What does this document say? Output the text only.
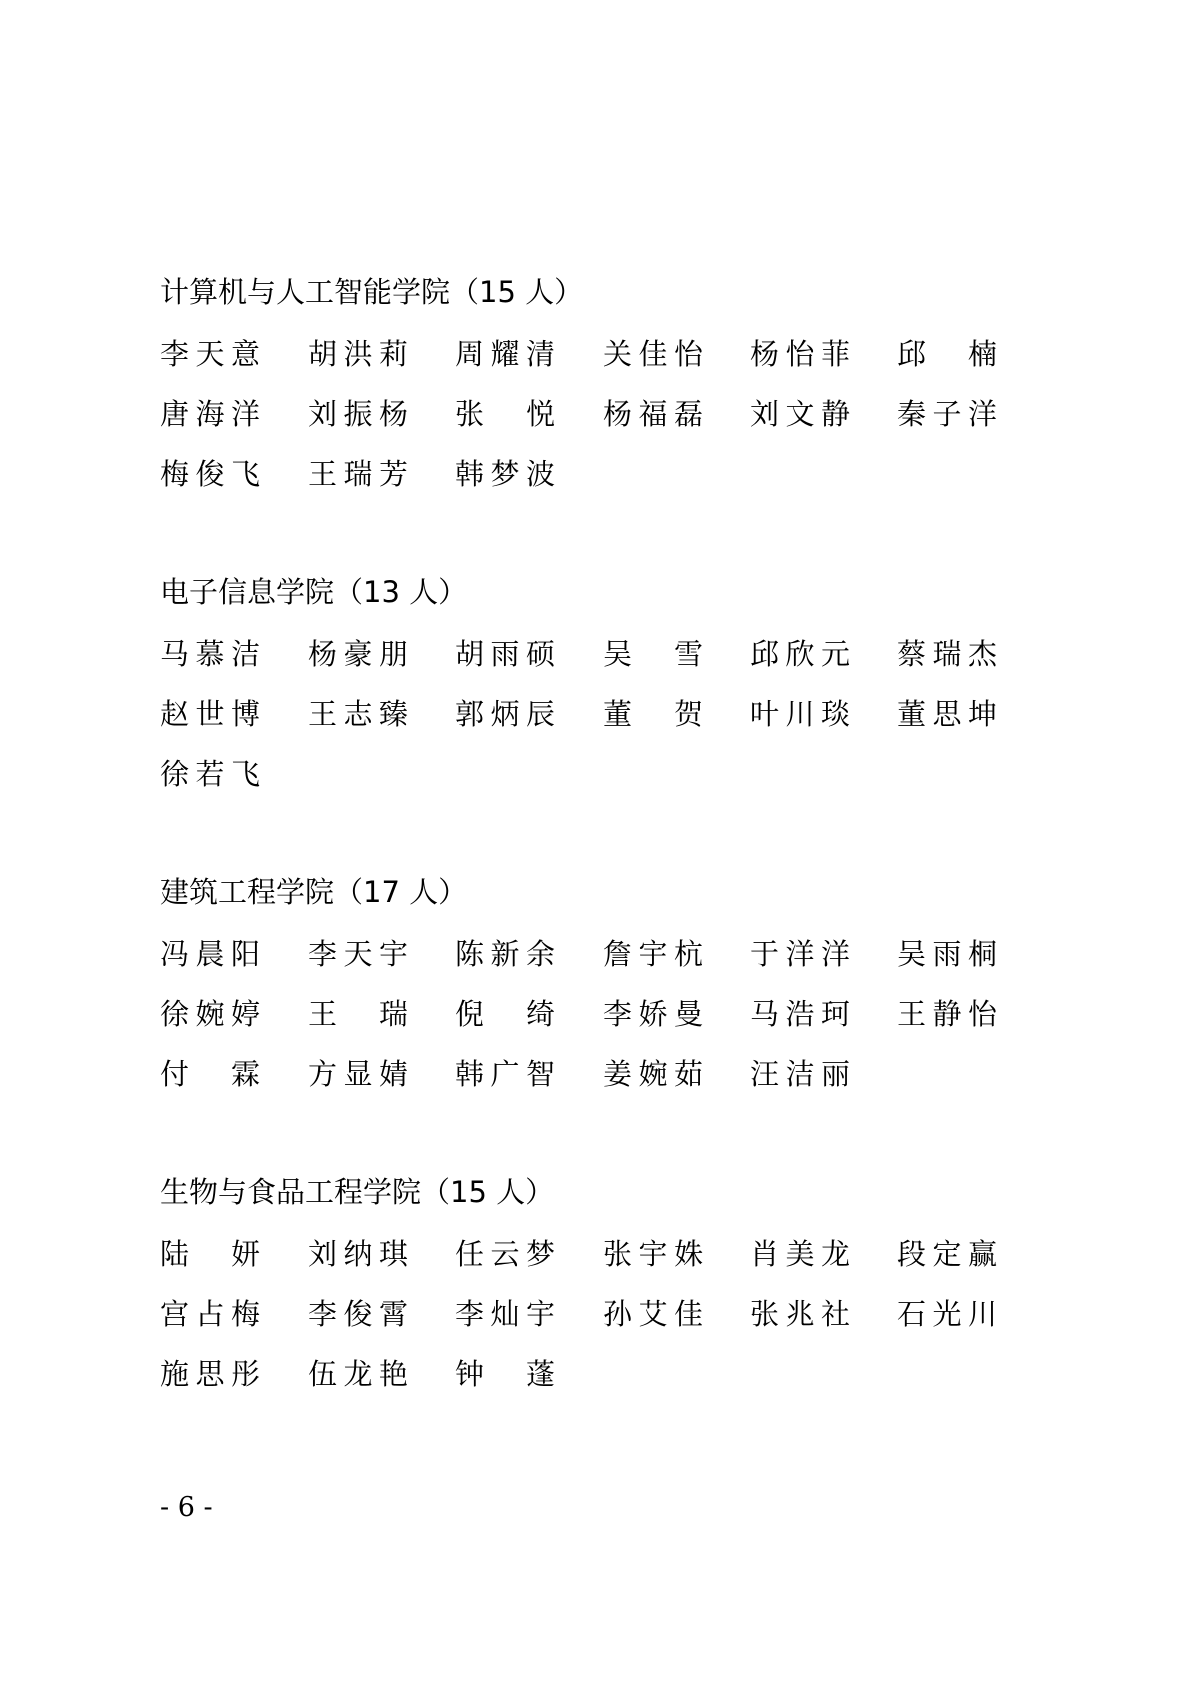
计算机与人工智能学院（15 人）
李天意 胡洪莉 周耀清 关佳怡 杨怡菲 邱 楠
唐海洋 刘振杨 张 悦 杨福磊 刘文静 秦子洋
梅俊飞 王瑞芳 韩梦波
电子信息学院（13 人）
马慕洁 杨豪朋 胡雨硕 吴 雪 邱欣元 蔡瑞杰
赵世博 王志臻 郭炳辰 董 贺 叶川琰 董思坤
徐若飞
建筑工程学院（17 人）
冯晨阳 李天宇 陈新余 詹宇杭 于洋洋 吴雨桐
徐婉婷 王 瑞 倪 绮 李娇曼 马浩珂 王静怡
付 霖 方显婧 韩广智 姜婉茹 汪洁丽
生物与食品工程学院（15 人）
陆 妍 刘纳琪 任云梦 张宇姝 肖美龙 段定赢
宫占梅 李俊霄 李灿宇 孙艾佳 张兆社 石光川
施思彤 伍龙艳 钟 蓬
- 6 -
